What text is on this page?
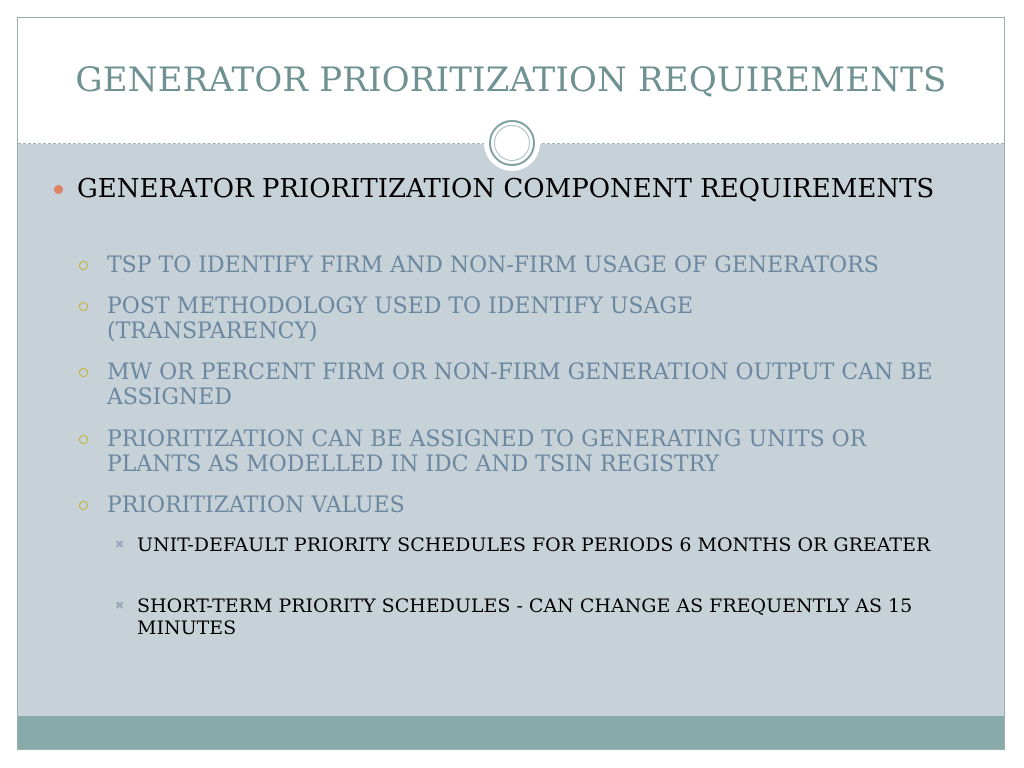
GENERATOR PRIORITIZATION REQUIREMENTS
GENERATOR PRIORITIZATION COMPONENT REQUIREMENTS
TSP TO IDENTIFY FIRM AND NON-FIRM USAGE OF GENERATORS
POST METHODOLOGY USED TO IDENTIFY USAGE (TRANSPARENCY)
MW OR PERCENT FIRM OR NON-FIRM GENERATION OUTPUT CAN BE ASSIGNED
PRIORITIZATION CAN BE ASSIGNED TO GENERATING UNITS OR PLANTS AS MODELLED IN IDC AND TSIN REGISTRY
PRIORITIZATION VALUES
✖ UNIT-DEFAULT PRIORITY SCHEDULES FOR PERIODS 6 MONTHS OR GREATER
✖ SHORT-TERM PRIORITY SCHEDULES - CAN CHANGE AS FREQUENTLY AS 15 MINUTES
